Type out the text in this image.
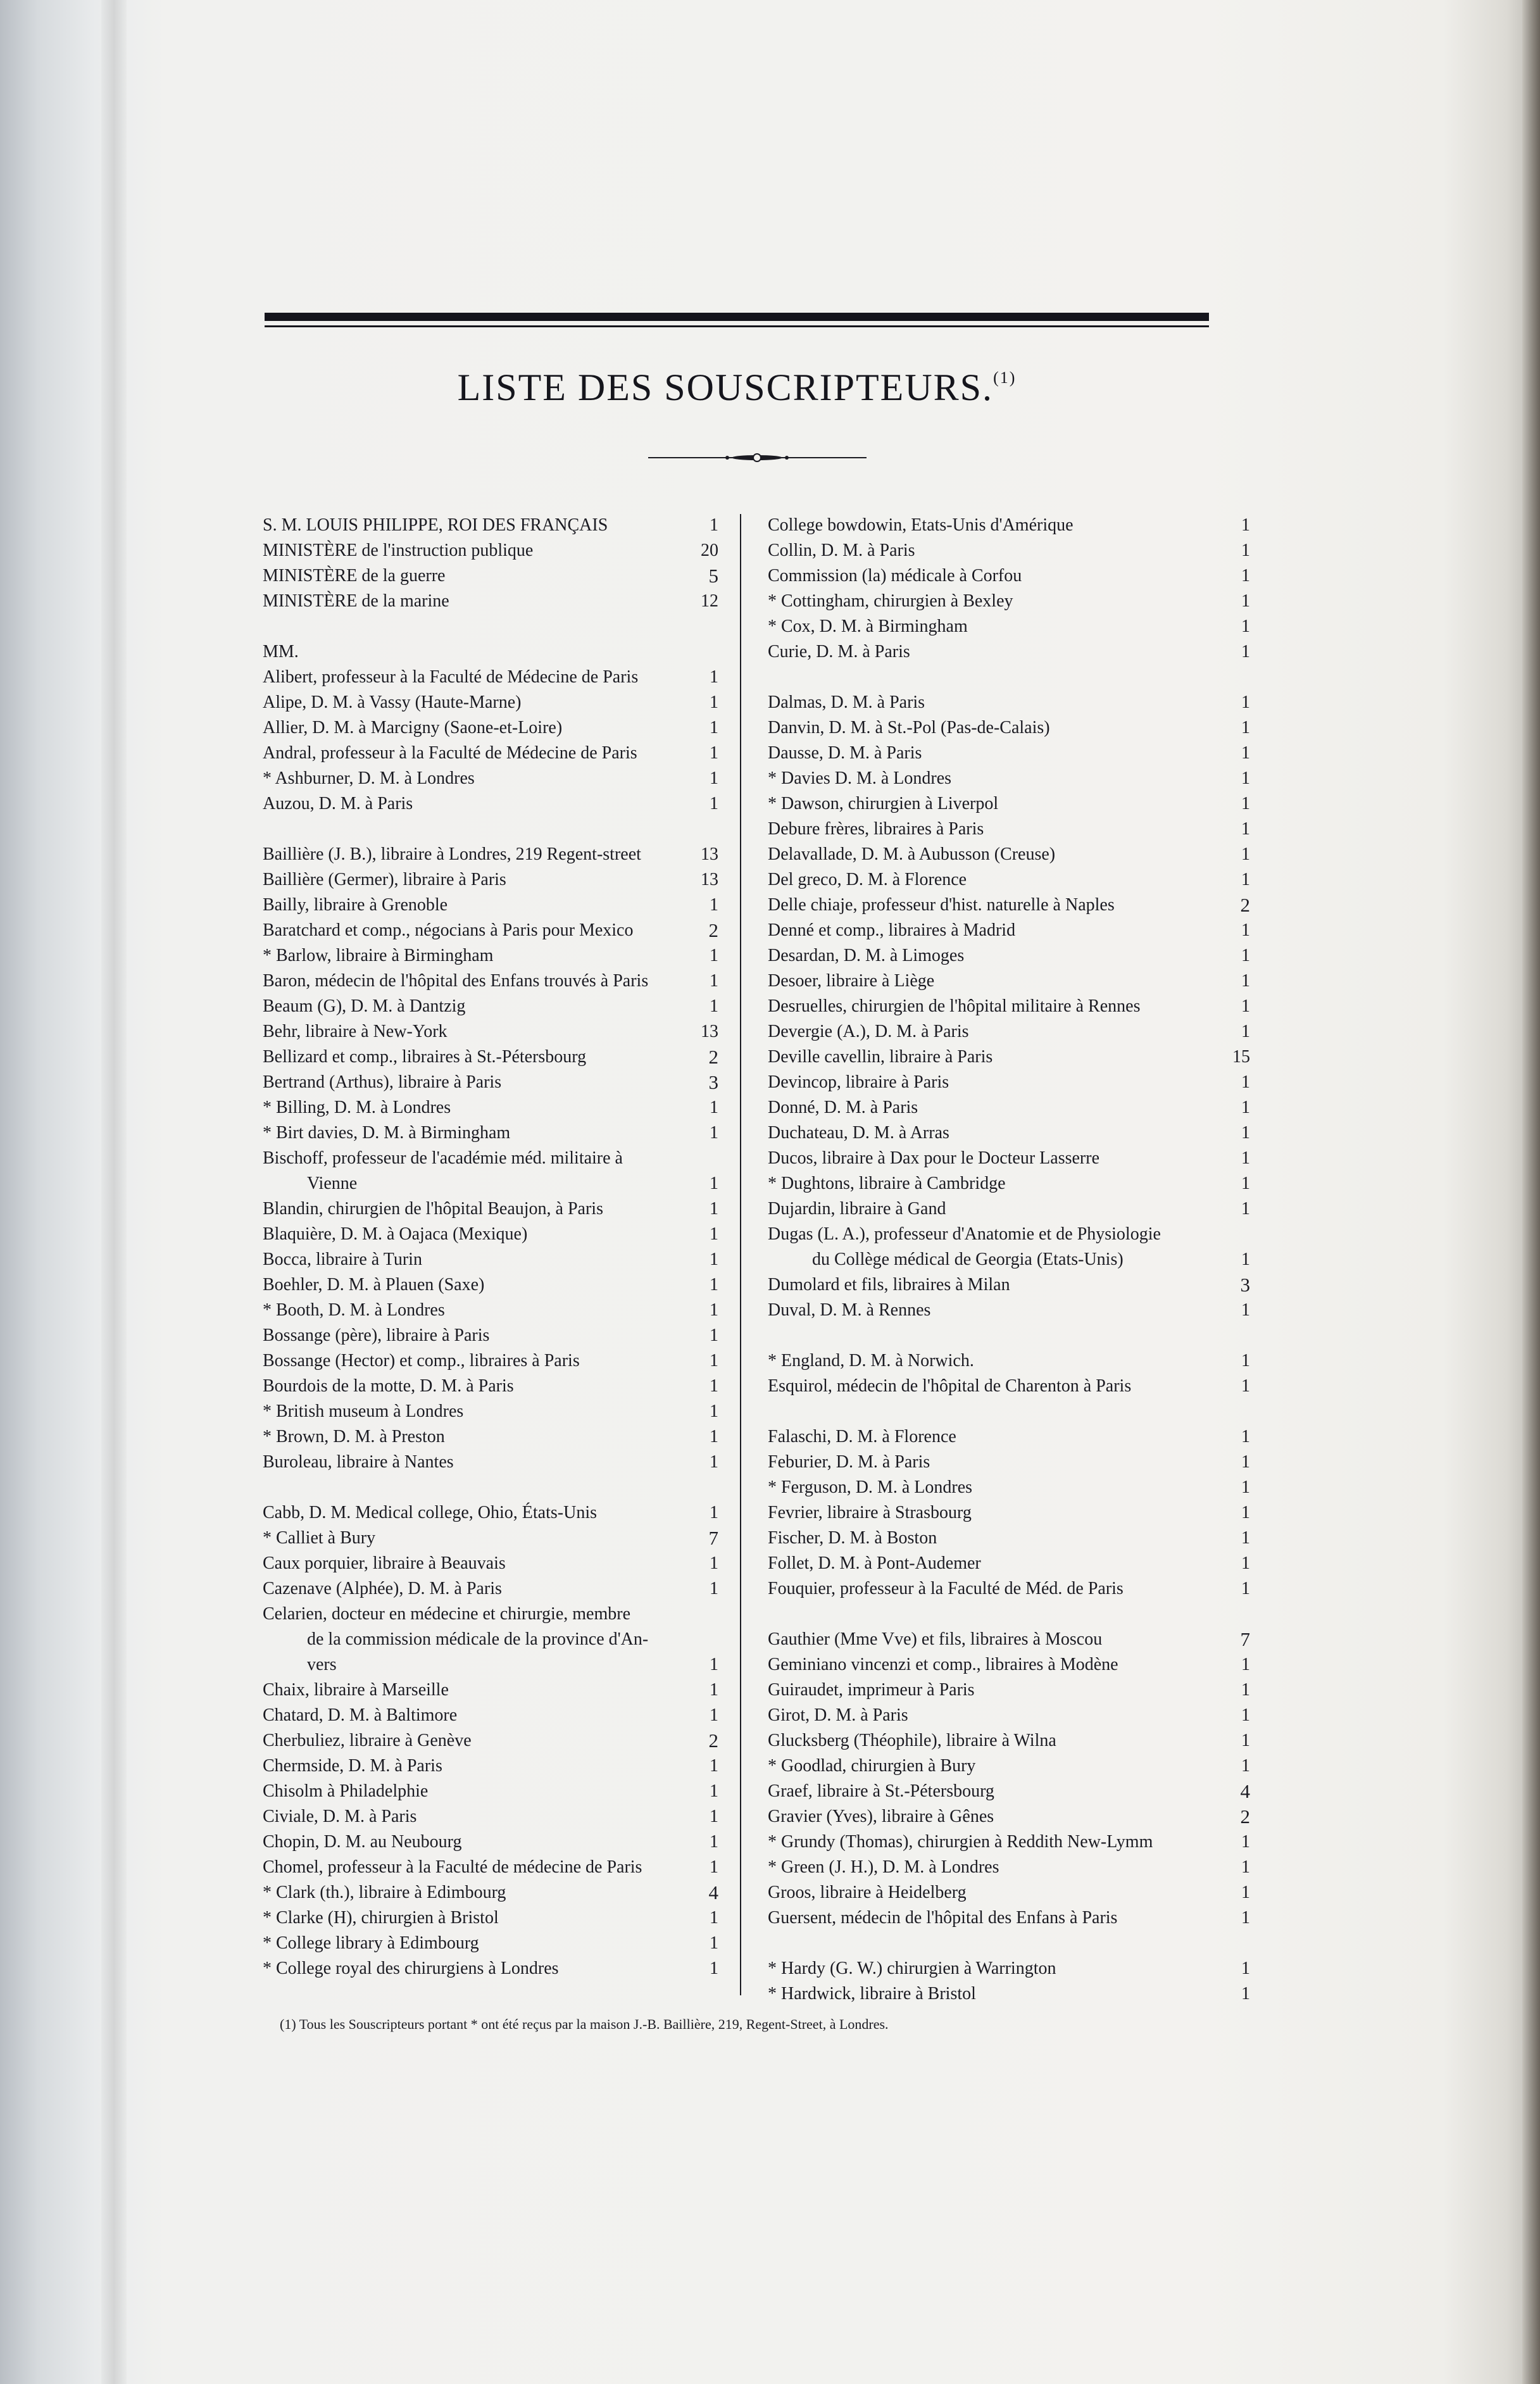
LISTE DES SOUSCRIPTEURS.$^{(1)}$
S. M. LOUIS PHILIPPE, ROI DES FRANÇAIS	1
MINISTÈRE de l'instruction publique	20
MINISTÈRE de la guerre	5
MINISTÈRE de la marine	12
MM.
Alibert, professeur à la Faculté de Médecine de Paris	1
Alipe, D. M. à Vassy (Haute-Marne)	1
Allier, D. M. à Marcigny (Saone-et-Loire)	1
Andral, professeur à la Faculté de Médecine de Paris	1
* Ashburner, D. M. à Londres	1
Auzou, D. M. à Paris	1
Baillière (J. B.), libraire à Londres, 219 Regent-street	13
Baillière (Germer), libraire à Paris	13
Bailly, libraire à Grenoble	1
Baratchard et comp., négocians à Paris pour Mexico	2
* Barlow, libraire à Birmingham	1
Baron, médecin de l'hôpital des Enfans trouvés à Paris	1
Beaum (G), D. M. à Dantzig	1
Behr, libraire à New-York	13
Bellizard et comp., libraires à St.-Pétersbourg	2
Bertrand (Arthus), libraire à Paris	3
* Billing, D. M. à Londres	1
* Birt davies, D. M. à Birmingham	1
Bischoff, professeur de l'académie méd. militaire à
Vienne	1
Blandin, chirurgien de l'hôpital Beaujon, à Paris	1
Blaquière, D. M. à Oajaca (Mexique)	1
Bocca, libraire à Turin	1
Boehler, D. M. à Plauen (Saxe)	1
* Booth, D. M. à Londres	1
Bossange (père), libraire à Paris	1
Bossange (Hector) et comp., libraires à Paris	1
Bourdois de la motte, D. M. à Paris	1
* British museum à Londres	1
* Brown, D. M. à Preston	1
Buroleau, libraire à Nantes	1
Cabb, D. M. Medical college, Ohio, États-Unis	1
* Calliet à Bury	7
Caux porquier, libraire à Beauvais	1
Cazenave (Alphée), D. M. à Paris	1
Celarien, docteur en médecine et chirurgie, membre
de la commission médicale de la province d'An-
vers	1
Chaix, libraire à Marseille	1
Chatard, D. M. à Baltimore	1
Cherbuliez, libraire à Genève	2
Chermside, D. M. à Paris	1
Chisolm à Philadelphie	1
Civiale, D. M. à Paris	1
Chopin, D. M. au Neubourg	1
Chomel, professeur à la Faculté de médecine de Paris	1
* Clark (th.), libraire à Edimbourg	4
* Clarke (H), chirurgien à Bristol	1
* College library à Edimbourg	1
* College royal des chirurgiens à Londres	1
College bowdowin, Etats-Unis d'Amérique	1
Collin, D. M. à Paris	1
Commission (la) médicale à Corfou	1
* Cottingham, chirurgien à Bexley	1
* Cox, D. M. à Birmingham	1
Curie, D. M. à Paris	1
Dalmas, D. M. à Paris	1
Danvin, D. M. à St.-Pol (Pas-de-Calais)	1
Dausse, D. M. à Paris	1
* Davies D. M. à Londres	1
* Dawson, chirurgien à Liverpol	1
Debure frères, libraires à Paris	1
Delavallade, D. M. à Aubusson (Creuse)	1
Del greco, D. M. à Florence	1
Delle chiaje, professeur d'hist. naturelle à Naples	2
Denné et comp., libraires à Madrid	1
Desardan, D. M. à Limoges	1
Desoer, libraire à Liège	1
Desruelles, chirurgien de l'hôpital militaire à Rennes	1
Devergie (A.), D. M. à Paris	1
Deville cavellin, libraire à Paris	15
Devincop, libraire à Paris	1
Donné, D. M. à Paris	1
Duchateau, D. M. à Arras	1
Ducos, libraire à Dax pour le Docteur Lasserre	1
* Dughtons, libraire à Cambridge	1
Dujardin, libraire à Gand	1
Dugas (L. A.), professeur d'Anatomie et de Physiologie
du Collège médical de Georgia (Etats-Unis)	1
Dumolard et fils, libraires à Milan	3
Duval, D. M. à Rennes	1
* England, D. M. à Norwich.	1
Esquirol, médecin de l'hôpital de Charenton à Paris	1
Falaschi, D. M. à Florence	1
Feburier, D. M. à Paris	1
* Ferguson, D. M. à Londres	1
Fevrier, libraire à Strasbourg	1
Fischer, D. M. à Boston	1
Follet, D. M. à Pont-Audemer	1
Fouquier, professeur à la Faculté de Méd. de Paris	1
Gauthier (Mme Vve) et fils, libraires à Moscou	7
Geminiano vincenzi et comp., libraires à Modène	1
Guiraudet, imprimeur à Paris	1
Girot, D. M. à Paris	1
Glucksberg (Théophile), libraire à Wilna	1
* Goodlad, chirurgien à Bury	1
Graef, libraire à St.-Pétersbourg	4
Gravier (Yves), libraire à Gênes	2
* Grundy (Thomas), chirurgien à Reddith New-Lymm	1
* Green (J. H.), D. M. à Londres	1
Groos, libraire à Heidelberg	1
Guersent, médecin de l'hôpital des Enfans à Paris	1
* Hardy (G. W.) chirurgien à Warrington	1
* Hardwick, libraire à Bristol	1
(1) Tous les Souscripteurs portant * ont été reçus par la maison J.-B. Baillière, 219, Regent-Street, à Londres.
